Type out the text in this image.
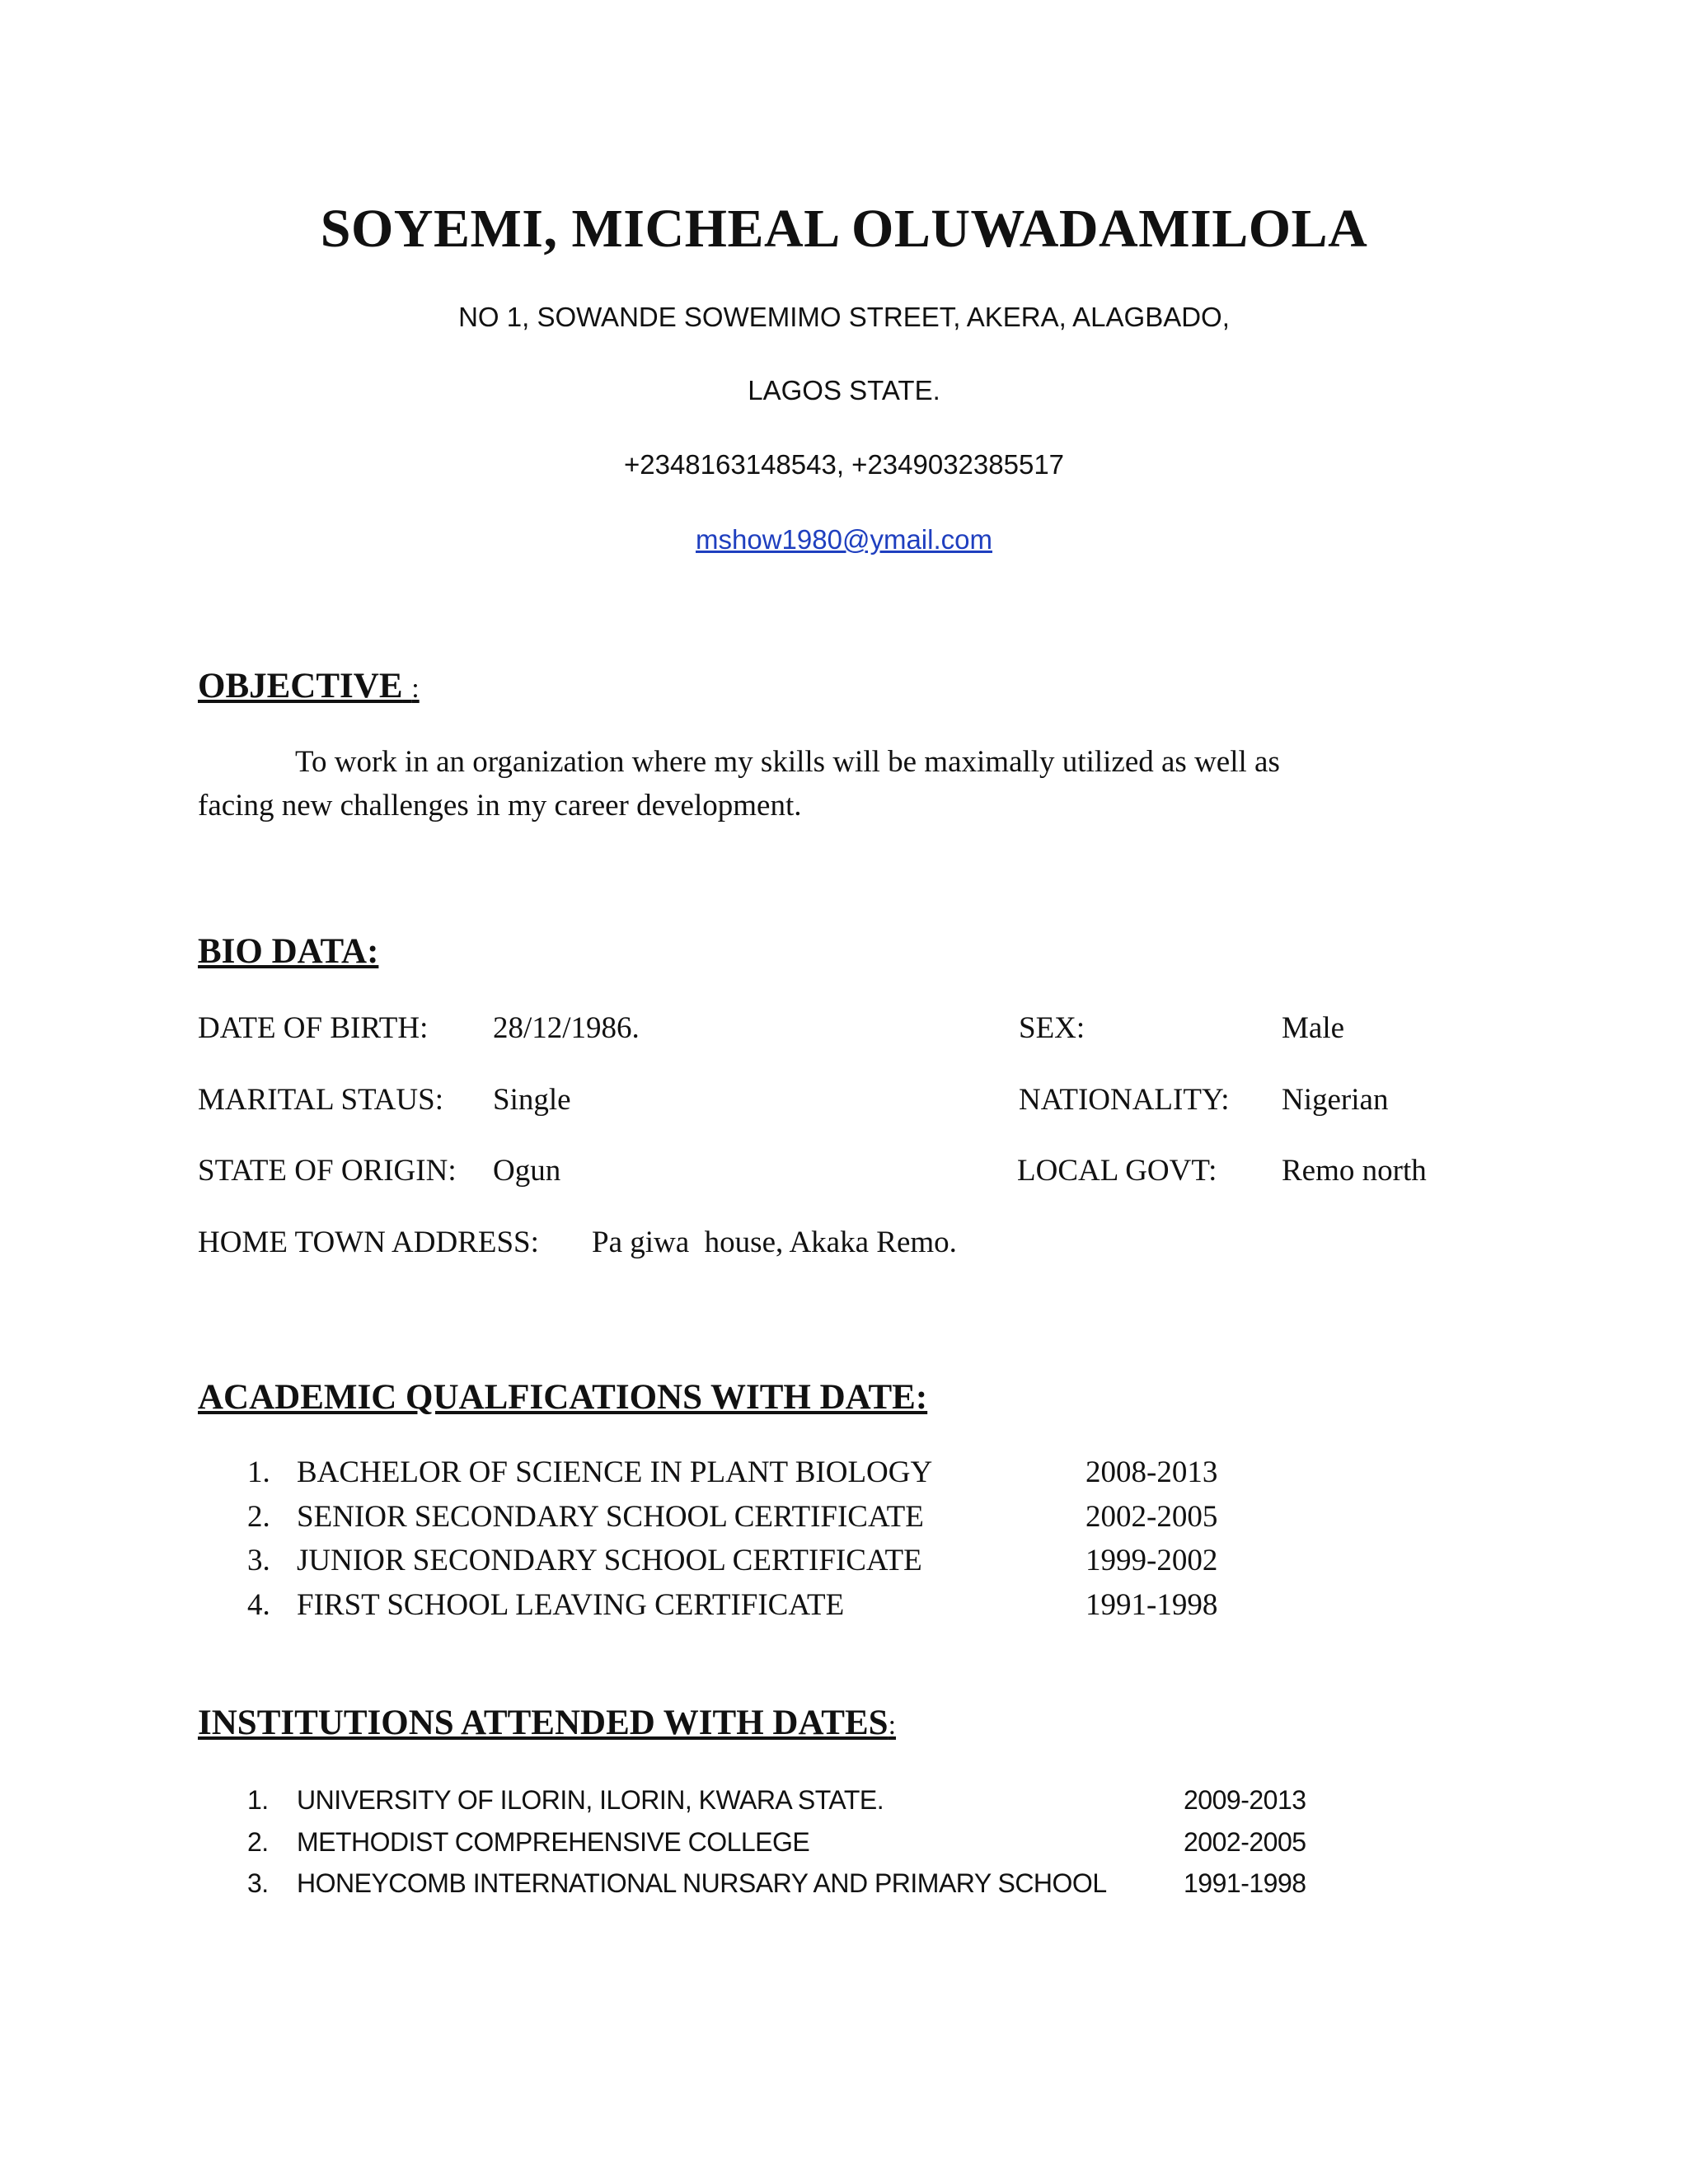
SOYEMI, MICHEAL OLUWADAMILOLA
NO 1, SOWANDE SOWEMIMO STREET, AKERA, ALAGBADO,
LAGOS STATE.
+2348163148543, +2349032385517
mshow1980@ymail.com
OBJECTIVE :
To work in an organization where my skills will be maximally utilized as well as
facing new challenges in my career development.
BIO DATA:
DATE OF BIRTH: 28/12/1986.	SEX:	Male
MARITAL STAUS: Single	NATIONALITY: Nigerian
STATE OF ORIGIN: Ogun	LOCAL GOVT: Remo north
HOME TOWN ADDRESS: Pa giwa  house, Akaka Remo.
ACADEMIC QUALFICATIONS WITH DATE:
1. BACHELOR OF SCIENCE IN PLANT BIOLOGY	2008-2013
2. SENIOR SECONDARY SCHOOL CERTIFICATE	2002-2005
3. JUNIOR SECONDARY SCHOOL CERTIFICATE	1999-2002
4. FIRST SCHOOL LEAVING CERTIFICATE	1991-1998
INSTITUTIONS ATTENDED WITH DATES:
1. UNIVERSITY OF ILORIN, ILORIN, KWARA STATE.	2009-2013
2. METHODIST COMPREHENSIVE COLLEGE	2002-2005
3. HONEYCOMB INTERNATIONAL NURSARY AND PRIMARY SCHOOL	1991-1998
